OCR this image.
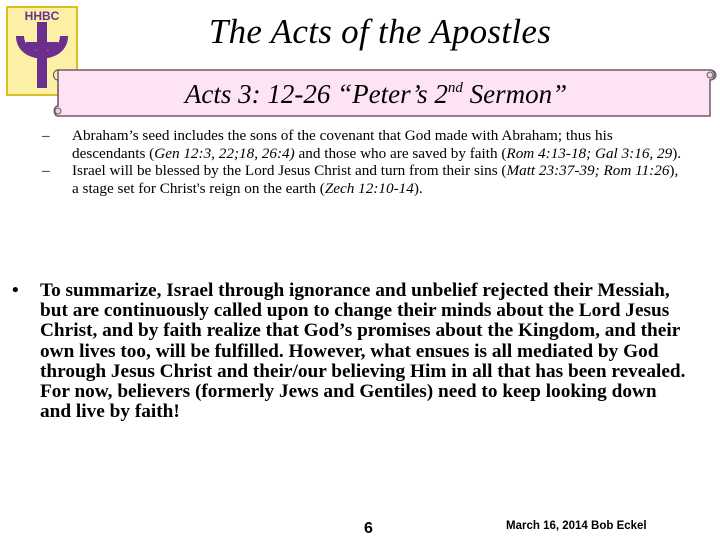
HHBC	The Acts of the Apostles
Acts 3: 12-26 “Peter’s 2nd Sermon”
– Abraham’s seed includes the sons of the covenant that God made with Abraham; thus his descendants (Gen 12:3, 22;18, 26:4) and those who are saved by faith (Rom 4:13-18; Gal 3:16, 29).
– Israel will be blessed by the Lord Jesus Christ and turn from their sins (Matt 23:37-39; Rom 11:26), a stage set for Christ's reign on the earth (Zech 12:10-14).
•	To summarize, Israel through ignorance and unbelief rejected their Messiah, but are continuously called upon to change their minds about the Lord Jesus Christ, and by faith realize that God’s promises about the Kingdom, and their own lives too, will be fulfilled. However, what ensues is all mediated by God through Jesus Christ and their/our believing Him in all that has been revealed. For now, believers (formerly Jews and Gentiles) need to keep looking down and live by faith!
6	March 16, 2014 Bob Eckel
